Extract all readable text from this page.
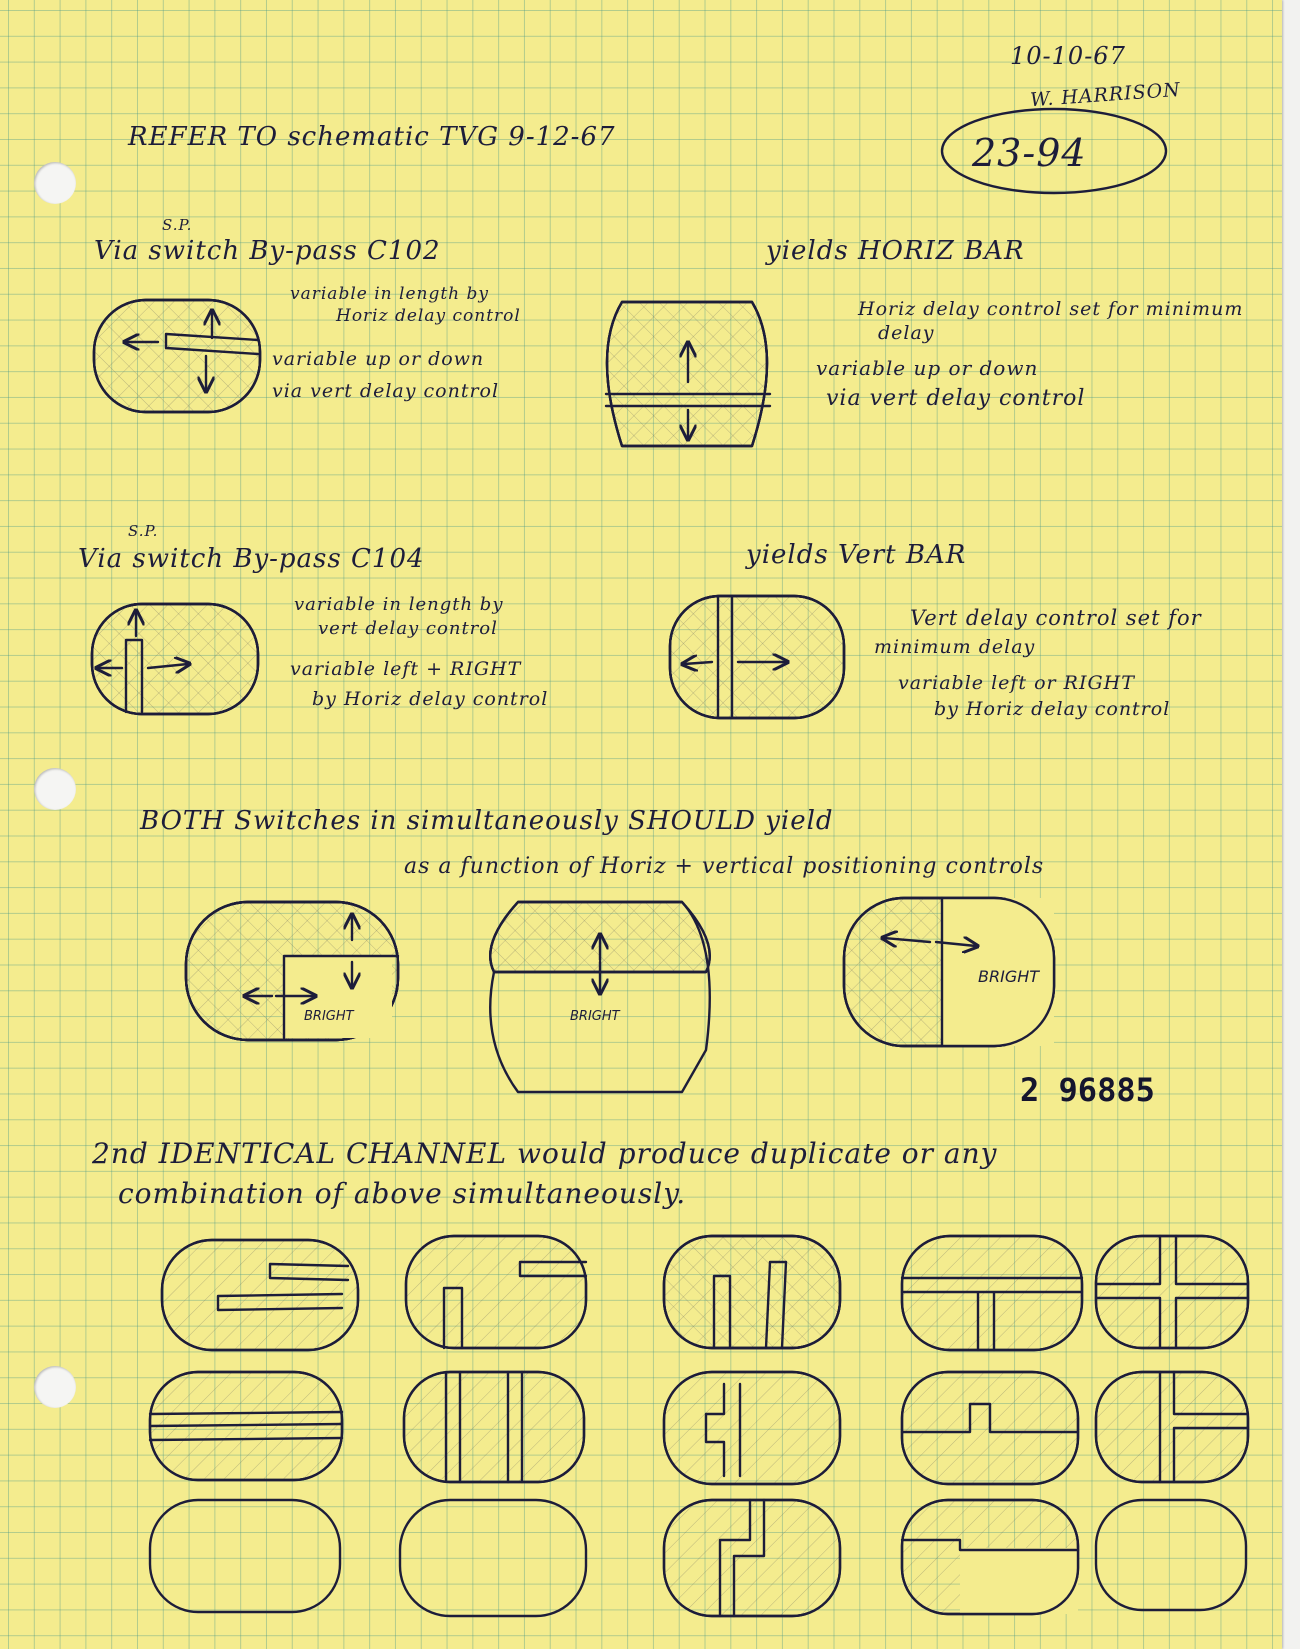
10-10-67
W. HARRISON
REFER TO schematic TVG 9-12-67	23-94
S.P.
Via switch By-pass C102	yields HORIZ BAR
variable in length by
Horiz delay control
variable up or down
via vert delay control
Horiz delay control set for minimum
delay
variable up or down
via vert delay control
S.P.
Via switch By-pass C104	yields Vert BAR
variable in length by
vert delay control
variable left + RIGHT
by Horiz delay control
Vert delay control set for
minimum delay
variable left or RIGHT
by Horiz delay control
BOTH Switches in simultaneously SHOULD yield
as a function of Horiz + vertical positioning controls
2 96885
2nd IDENTICAL CHANNEL would produce duplicate or any
combination of above simultaneously.
BRIGHT	BRIGHT
BRIGHT
